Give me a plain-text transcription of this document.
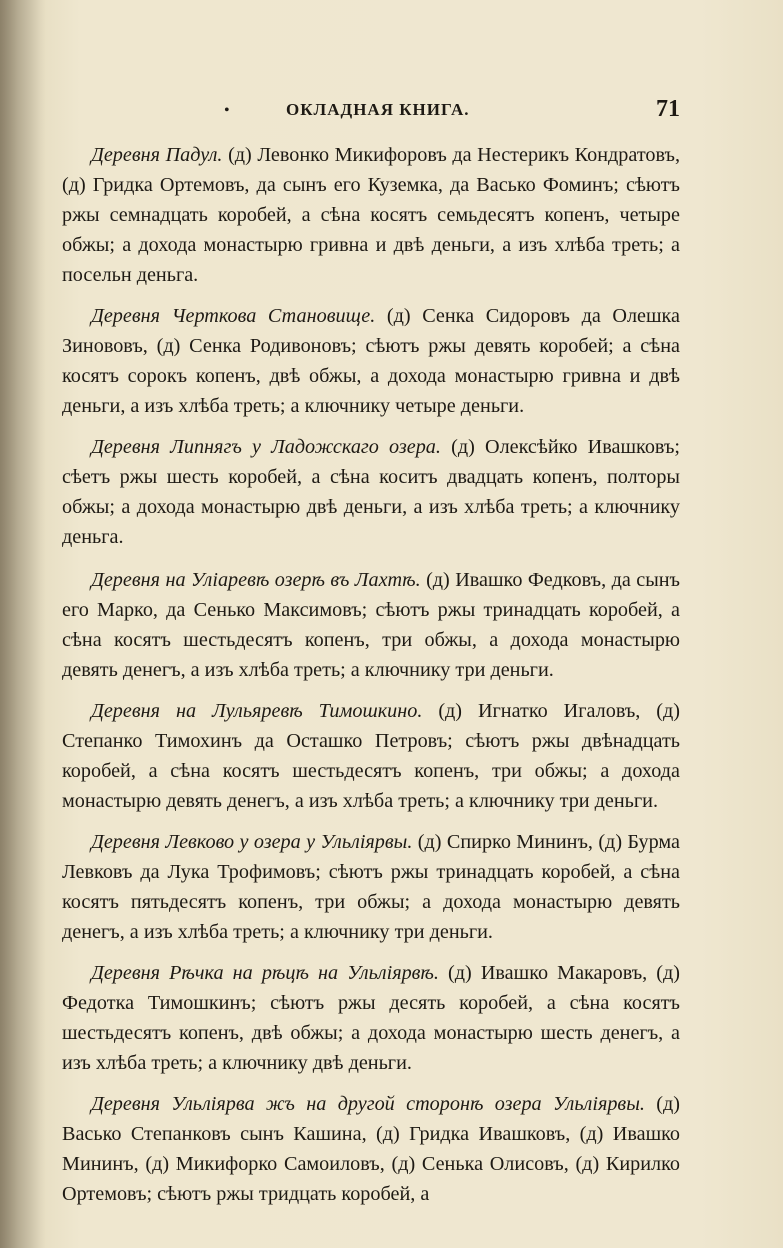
•	ОКЛАДНАЯ КНИГА.	71

Деревня Падул. (д) Левонко Микифоровъ да Нестерикъ Кондратовъ, (д) Гридка Ортемовъ, да сынъ его Куземка, да Васько Фоминъ; сѣютъ ржы семнадцать коробей, а сѣна косятъ семьдесятъ копенъ, четыре обжы; а дохода монастырю гривна и двѣ деньги, а изъ хлѣба треть; а посельн деньга.

Деревня Черткова Становище. (д) Сенка Сидоровъ да Олешка Зинововъ, (д) Сенка Родивоновъ; сѣютъ ржы девять коробей; а сѣна косятъ сорокъ копенъ, двѣ обжы, а дохода монастырю гривна и двѣ деньги, а изъ хлѣба треть; а ключнику четыре деньги.

Деревня Липнягъ у Ладожскаго озера. (д) Олексѣйко Ивашковъ; сѣетъ ржы шесть коробей, а сѣна коситъ двадцать копенъ, полторы обжы; а дохода монастырю двѣ деньги, а изъ хлѣба треть; а ключнику деньга.

Деревня на Уліаревѣ озерѣ въ Лахтѣ. (д) Ивашко Федковъ, да сынъ его Марко, да Сенько Максимовъ; сѣютъ ржы тринадцать коробей, а сѣна косятъ шестьдесятъ копенъ, три обжы, а дохода монастырю девять денегъ, а изъ хлѣба треть; а ключнику три деньги.

Деревня на Лульяревѣ Тимошкино. (д) Игнатко Игаловъ, (д) Степанко Тимохинъ да Осташко Петровъ; сѣютъ ржы двѣнадцать коробей, а сѣна косятъ шестьдесятъ копенъ, три обжы; а дохода монастырю девять денегъ, а изъ хлѣба треть; а ключнику три деньги.

Деревня Левково у озера у Ульліярвы. (д) Спирко Мининъ, (д) Бурма Левковъ да Лука Трофимовъ; сѣютъ ржы тринадцать коробей, а сѣна косятъ пятьдесятъ копенъ, три обжы; а дохода монастырю девять денегъ, а изъ хлѣба треть; а ключнику три деньги.

Деревня Рѣчка на рѣцѣ на Ульліярвѣ. (д) Ивашко Макаровъ, (д) Федотка Тимошкинъ; сѣютъ ржы десять коробей, а сѣна косятъ шестьдесятъ копенъ, двѣ обжы; а дохода монастырю шесть денегъ, а изъ хлѣба треть; а ключнику двѣ деньги.

Деревня Ульліярва жъ на другой сторонѣ озера Ульліярвы. (д) Васько Степанковъ сынъ Кашина, (д) Гридка Ивашковъ, (д) Ивашко Мининъ, (д) Микифорко Самоиловъ, (д) Сенька Олисовъ, (д) Кирилко Ортемовъ; сѣютъ ржы тридцать коробей, а
